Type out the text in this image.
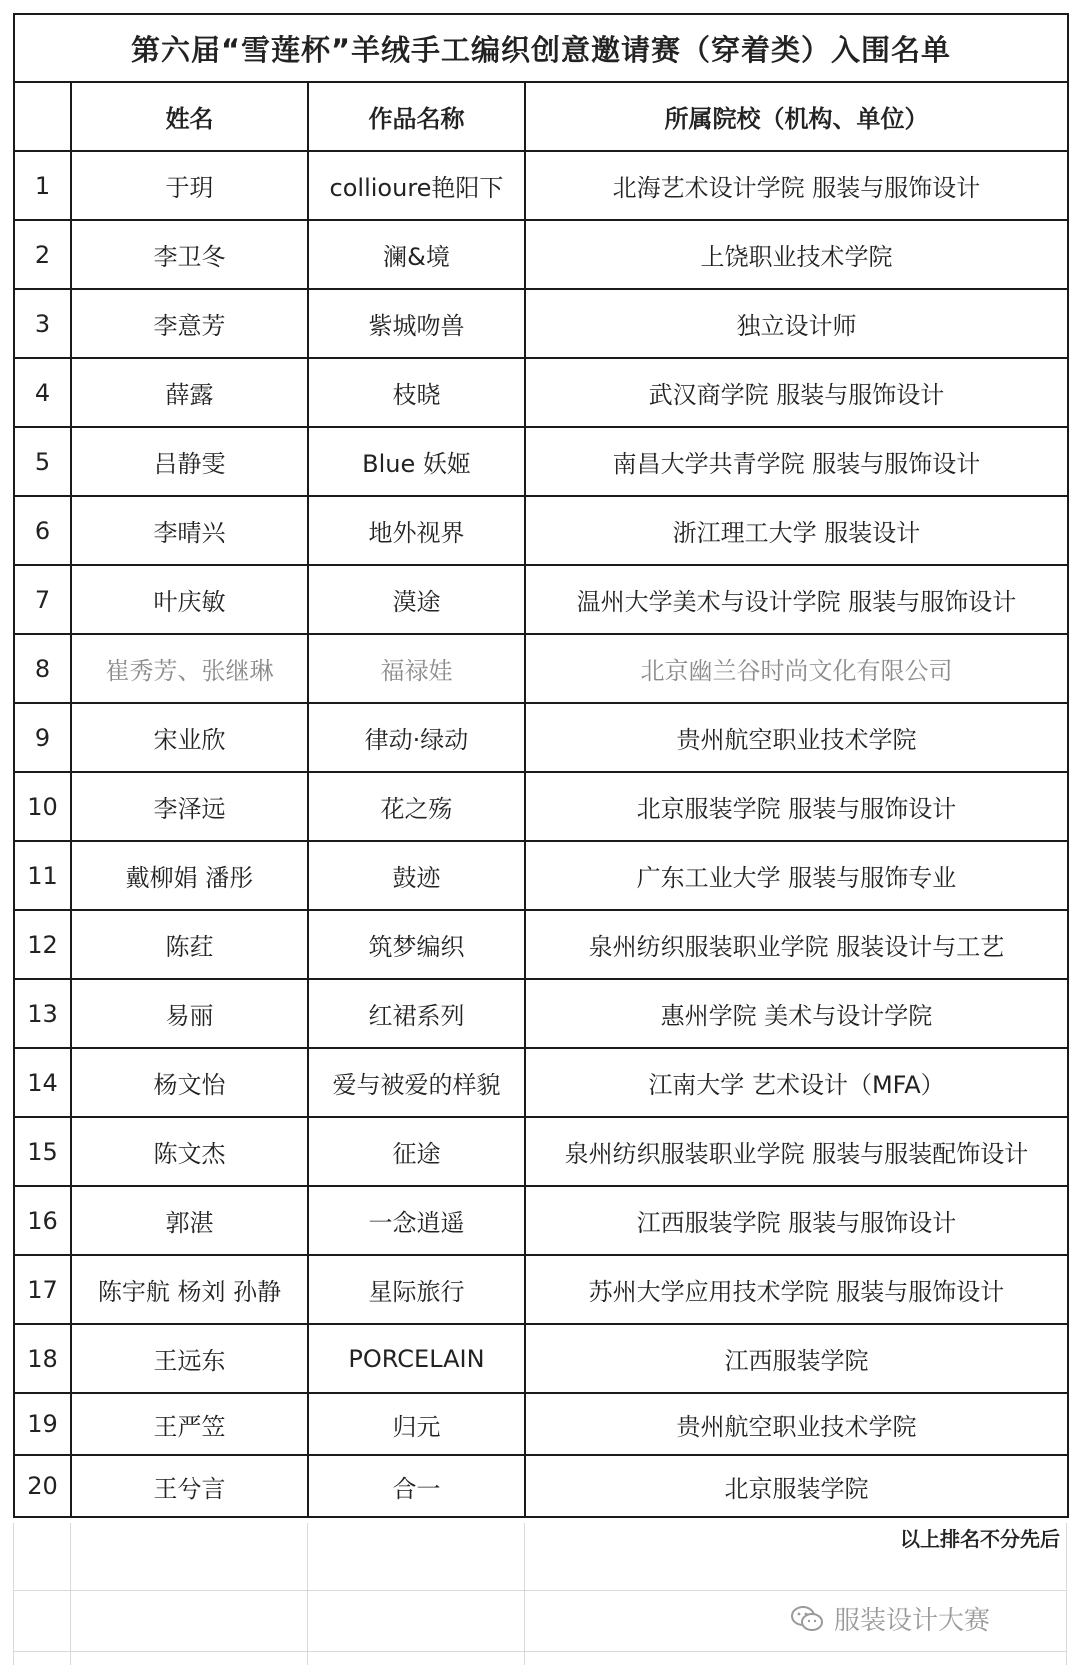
第六届“雪莲杯”羊绒手工编织创意邀请赛（穿着类）入围名单			
	姓名	作品名称	所属院校（机构、单位）
1	于玥	collioure艳阳下	北海艺术设计学院 服装与服饰设计
2	李卫冬	澜&境	上饶职业技术学院
3	李意芳	紫城吻兽	独立设计师
4	薛露	枝晓	武汉商学院 服装与服饰设计
5	吕静雯	Blue 妖姬	南昌大学共青学院 服装与服饰设计
6	李晴兴	地外视界	浙江理工大学 服装设计
7	叶庆敏	漠途	温州大学美术与设计学院 服装与服饰设计
8	崔秀芳、张继琳	福禄娃	北京幽兰谷时尚文化有限公司
9	宋业欣	律动·绿动	贵州航空职业技术学院
10	李泽远	花之殇	北京服装学院 服装与服饰设计
11	戴柳娟 潘彤	鼓迹	广东工业大学 服装与服饰专业
12	陈荭	筑梦编织	泉州纺织服装职业学院 服装设计与工艺
13	易丽	红裙系列	惠州学院 美术与设计学院
14	杨文怡	爱与被爱的样貌	江南大学 艺术设计（MFA）
15	陈文杰	征途	泉州纺织服装职业学院 服装与服装配饰设计
16	郭湛	一念逍遥	江西服装学院 服装与服饰设计
17	陈宇航 杨刘 孙静	星际旅行	苏州大学应用技术学院 服装与服饰设计
18	王远东	PORCELAIN	江西服装学院
19	王严笠	归元	贵州航空职业技术学院
20	王兮言	合一	北京服装学院
以上排名不分先后
服装设计大赛
